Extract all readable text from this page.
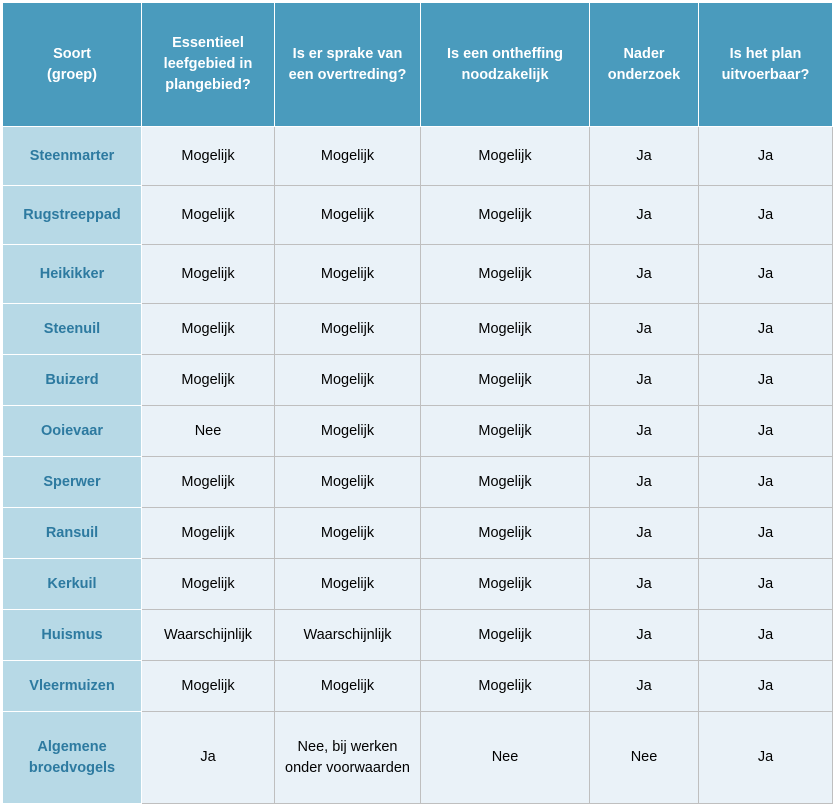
Soort
(groep)	Essentieel leefgebied in plangebied?	Is er sprake van een overtreding?	Is een ontheffing noodzakelijk	Nader onderzoek	Is het plan uitvoerbaar?
Steenmarter	Mogelijk	Mogelijk	Mogelijk	Ja	Ja
Rugstreeppad	Mogelijk	Mogelijk	Mogelijk	Ja	Ja
Heikikker	Mogelijk	Mogelijk	Mogelijk	Ja	Ja
Steenuil	Mogelijk	Mogelijk	Mogelijk	Ja	Ja
Buizerd	Mogelijk	Mogelijk	Mogelijk	Ja	Ja
Ooievaar	Nee	Mogelijk	Mogelijk	Ja	Ja
Sperwer	Mogelijk	Mogelijk	Mogelijk	Ja	Ja
Ransuil	Mogelijk	Mogelijk	Mogelijk	Ja	Ja
Kerkuil	Mogelijk	Mogelijk	Mogelijk	Ja	Ja
Huismus	Waarschijnlijk	Waarschijnlijk	Mogelijk	Ja	Ja
Vleermuizen	Mogelijk	Mogelijk	Mogelijk	Ja	Ja
Algemene broedvogels	Ja	Nee, bij werken onder voorwaarden	Nee	Nee	Ja
